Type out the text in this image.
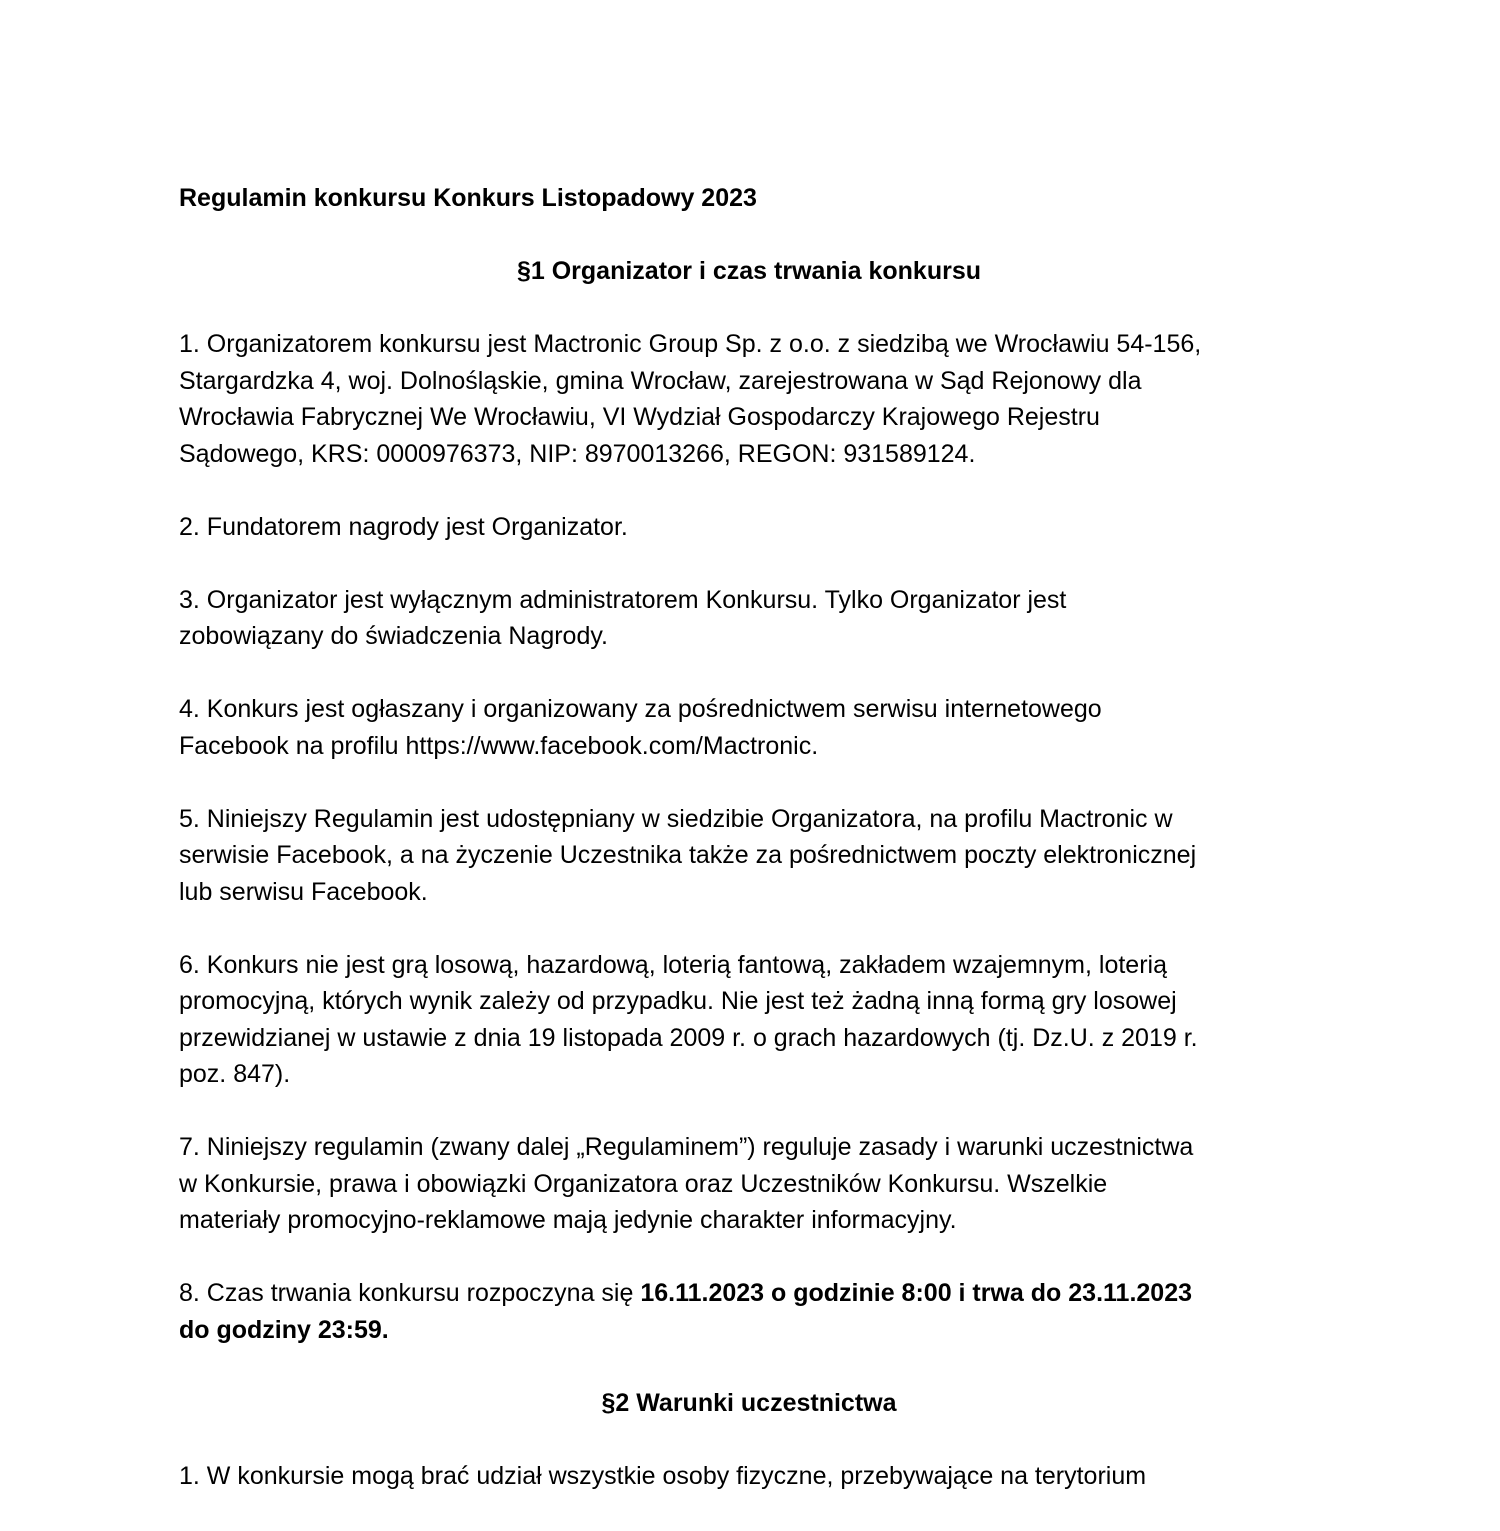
Regulamin konkursu Konkurs Listopadowy 2023
§1 Organizator i czas trwania konkursu
1. Organizatorem konkursu jest Mactronic Group Sp. z o.o. z siedzibą we Wrocławiu 54-156,
Stargardzka 4, woj. Dolnośląskie, gmina Wrocław, zarejestrowana w Sąd Rejonowy dla
Wrocławia Fabrycznej We Wrocławiu, VI Wydział Gospodarczy Krajowego Rejestru
Sądowego, KRS: 0000976373, NIP: 8970013266, REGON: 931589124.
2. Fundatorem nagrody jest Organizator.
3. Organizator jest wyłącznym administratorem Konkursu. Tylko Organizator jest
zobowiązany do świadczenia Nagrody.
4. Konkurs jest ogłaszany i organizowany za pośrednictwem serwisu internetowego
Facebook na profilu https://www.facebook.com/Mactronic.
5. Niniejszy Regulamin jest udostępniany w siedzibie Organizatora, na profilu Mactronic w
serwisie Facebook, a na życzenie Uczestnika także za pośrednictwem poczty elektronicznej
lub serwisu Facebook.
6. Konkurs nie jest grą losową, hazardową, loterią fantową, zakładem wzajemnym, loterią
promocyjną, których wynik zależy od przypadku. Nie jest też żadną inną formą gry losowej
przewidzianej w ustawie z dnia 19 listopada 2009 r. o grach hazardowych (tj. Dz.U. z 2019 r.
poz. 847).
7. Niniejszy regulamin (zwany dalej „Regulaminem”) reguluje zasady i warunki uczestnictwa
w Konkursie, prawa i obowiązki Organizatora oraz Uczestników Konkursu. Wszelkie
materiały promocyjno-reklamowe mają jedynie charakter informacyjny.
8. Czas trwania konkursu rozpoczyna się 16.11.2023 o godzinie 8:00 i trwa do 23.11.2023
do godziny 23:59.
§2 Warunki uczestnictwa
1. W konkursie mogą brać udział wszystkie osoby fizyczne, przebywające na terytorium
